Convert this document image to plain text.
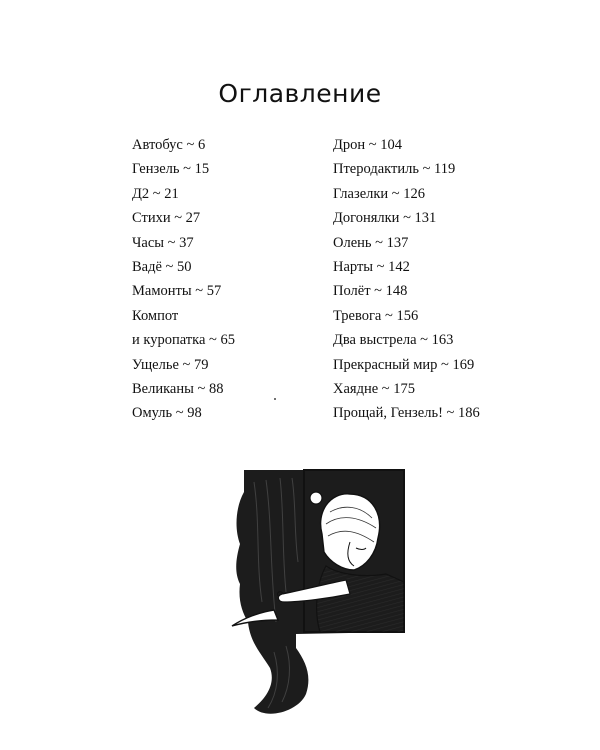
Оглавление
Автобус ~ 6
Гензель ~ 15
Д2 ~ 21
Стихи ~ 27
Часы ~ 37
Вадё ~ 50
Мамонты ~ 57
Компот
и куропатка ~ 65
Ущелье ~ 79
Великаны ~ 88
Омуль ~ 98
Дрон ~ 104
Птеродактиль ~ 119
Глазелки ~ 126
Догонялки ~ 131
Олень ~ 137
Нарты ~ 142
Полёт ~ 148
Тревога ~ 156
Два выстрела ~ 163
Прекрасный мир ~ 169
Хаядне ~ 175
Прощай, Гензель! ~ 186
